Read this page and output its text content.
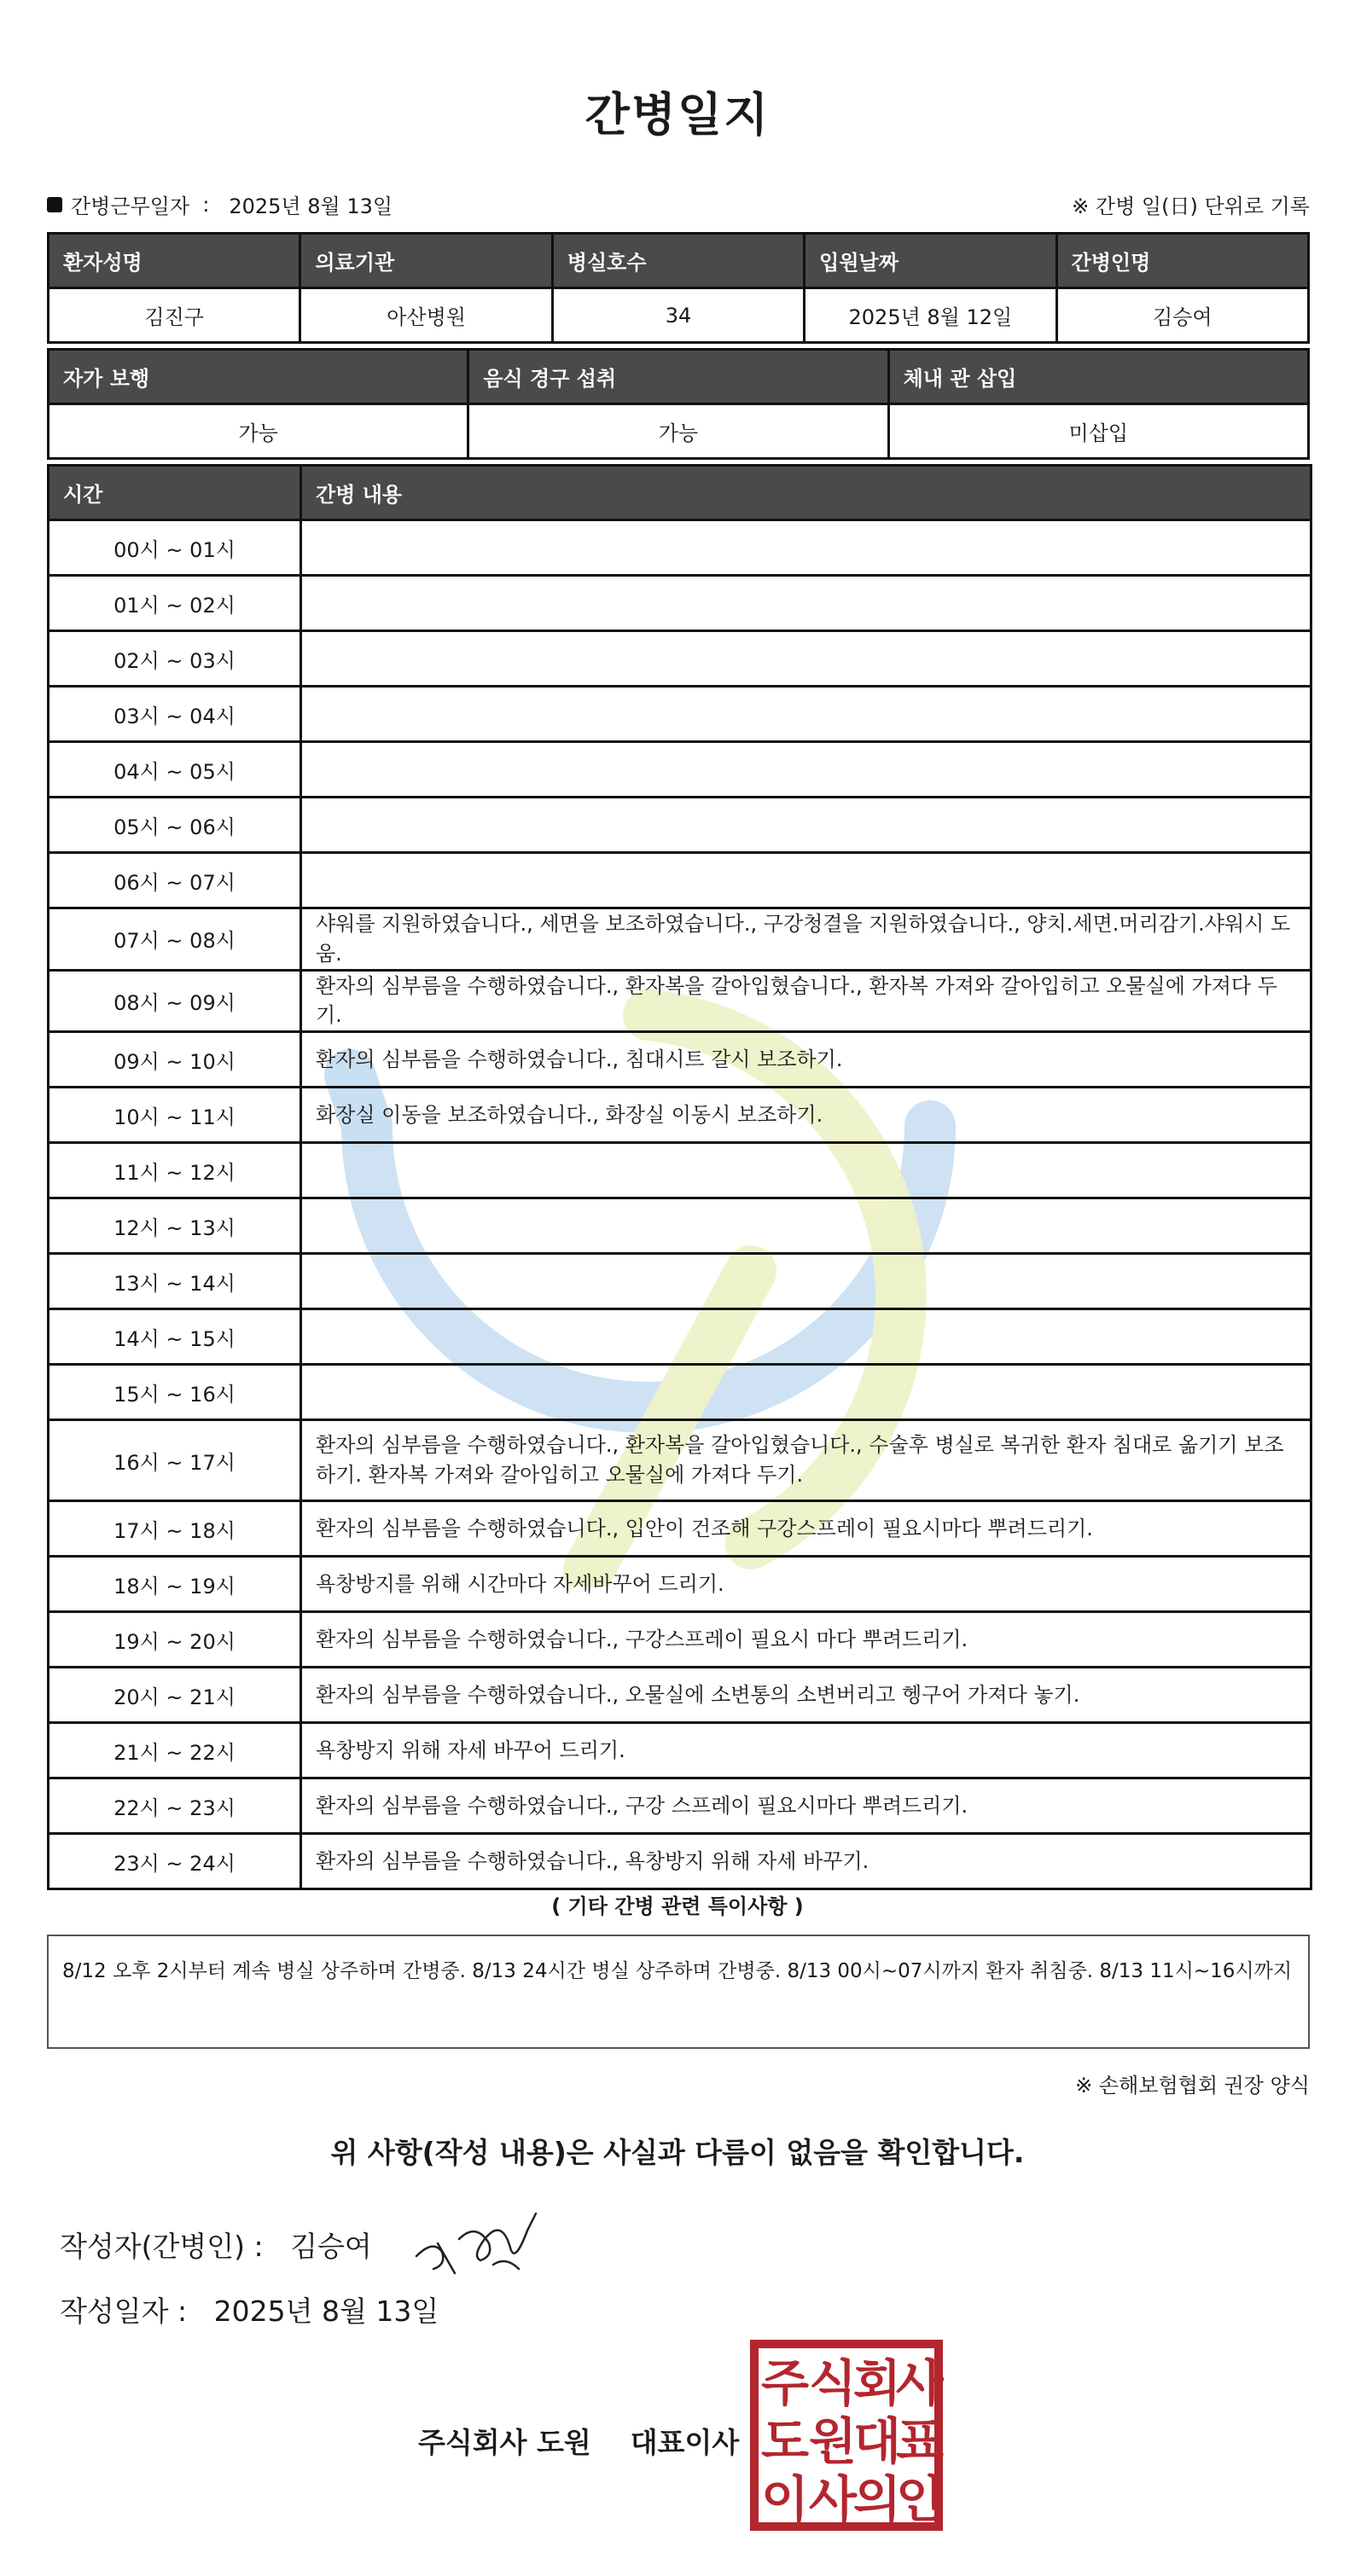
간병일지
간병근무일자 : 2025년 8월 13일	※ 간병 일(日) 단위로 기록
환자성명	의료기관	병실호수	입원날짜	간병인명
김진구	아산병원	34	2025년 8월 12일	김승여
자가 보행	음식 경구 섭취	체내 관 삽입
가능	가능	미삽입
시간	간병 내용
00시 ~ 01시	
01시 ~ 02시	
02시 ~ 03시	
03시 ~ 04시	
04시 ~ 05시	
05시 ~ 06시	
06시 ~ 07시	
07시 ~ 08시	샤워를 지원하였습니다., 세면을 보조하였습니다., 구강청결을 지원하였습니다., 양치.세면.머리감기.샤워시 도움.
08시 ~ 09시	환자의 심부름을 수행하였습니다., 환자복을 갈아입혔습니다., 환자복 가져와 갈아입히고 오물실에 가져다 두기.
09시 ~ 10시	환자의 심부름을 수행하였습니다., 침대시트 갈시 보조하기.
10시 ~ 11시	화장실 이동을 보조하였습니다., 화장실 이동시 보조하기.
11시 ~ 12시	
12시 ~ 13시	
13시 ~ 14시	
14시 ~ 15시	
15시 ~ 16시	
16시 ~ 17시	환자의 심부름을 수행하였습니다., 환자복을 갈아입혔습니다., 수술후 병실로 복귀한 환자 침대로 옮기기 보조하기. 환자복 가져와 갈아입히고 오물실에 가져다 두기.
17시 ~ 18시	환자의 심부름을 수행하였습니다., 입안이 건조해 구강스프레이 필요시마다 뿌려드리기.
18시 ~ 19시	욕창방지를 위해 시간마다 자세바꾸어 드리기.
19시 ~ 20시	환자의 심부름을 수행하였습니다., 구강스프레이 필요시 마다 뿌려드리기.
20시 ~ 21시	환자의 심부름을 수행하였습니다., 오물실에 소변통의 소변버리고 헹구어 가져다 놓기.
21시 ~ 22시	욕창방지 위해 자세 바꾸어 드리기.
22시 ~ 23시	환자의 심부름을 수행하였습니다., 구강 스프레이 필요시마다 뿌려드리기.
23시 ~ 24시	환자의 심부름을 수행하였습니다., 욕창방지 위해 자세 바꾸기.
( 기타 간병 관련 특이사항 )
8/12 오후 2시부터 계속 병실 상주하며 간병중. 8/13 24시간 병실 상주하며 간병중. 8/13 00시~07시까지 환자 취침중. 8/13 11시~16시까지
※ 손해보험협회 권장 양식
위 사항(작성 내용)은 사실과 다름이 없음을 확인합니다.
작성자(간병인) : 김승여
작성일자 : 2025년 8월 13일
주식회사 도원 대표이사
주 식
회
사
도 원
대
표
이 사
의
인
